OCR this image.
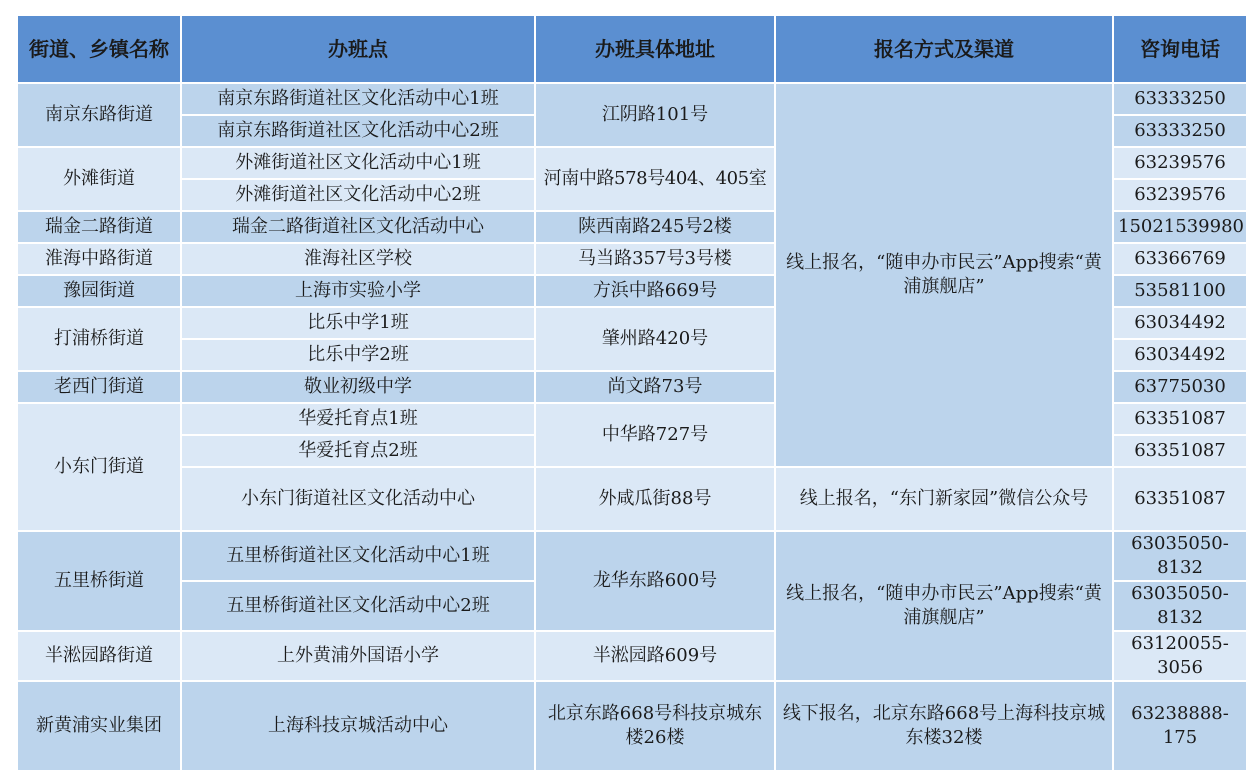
街道、乡镇名称	办班点	办班具体地址	报名方式及渠道	咨询电话
南京东路街道	南京东路街道社区文化活动中心1班	江阴路101号	线上报名，“随申办市民云”App搜索“黄浦旗舰店”	63333250
	南京东路街道社区文化活动中心2班			63333250
外滩街道	外滩街道社区文化活动中心1班	河南中路578号404、405室		63239576
	外滩街道社区文化活动中心2班			63239576
瑞金二路街道	瑞金二路街道社区文化活动中心	陕西南路245号2楼		15021539980
淮海中路街道	淮海社区学校	马当路357号3号楼		63366769
豫园街道	上海市实验小学	方浜中路669号		53581100
打浦桥街道	比乐中学1班	肇州路420号		63034492
	比乐中学2班			63034492
老西门街道	敬业初级中学	尚文路73号		63775030
小东门街道	华爱托育点1班	中华路727号		63351087
	华爱托育点2班			63351087
	小东门街道社区文化活动中心	外咸瓜街88号	线上报名，“东门新家园”微信公众号	63351087
五里桥街道	五里桥街道社区文化活动中心1班	龙华东路600号	线上报名，“随申办市民云”App搜索“黄浦旗舰店”	63035050-8132
	五里桥街道社区文化活动中心2班			63035050-8132
半淞园路街道	上外黄浦外国语小学	半淞园路609号		63120055-3056
新黄浦实业集团	上海科技京城活动中心	北京东路668号科技京城东楼26楼	线下报名，北京东路668号上海科技京城东楼32楼	63238888-175
